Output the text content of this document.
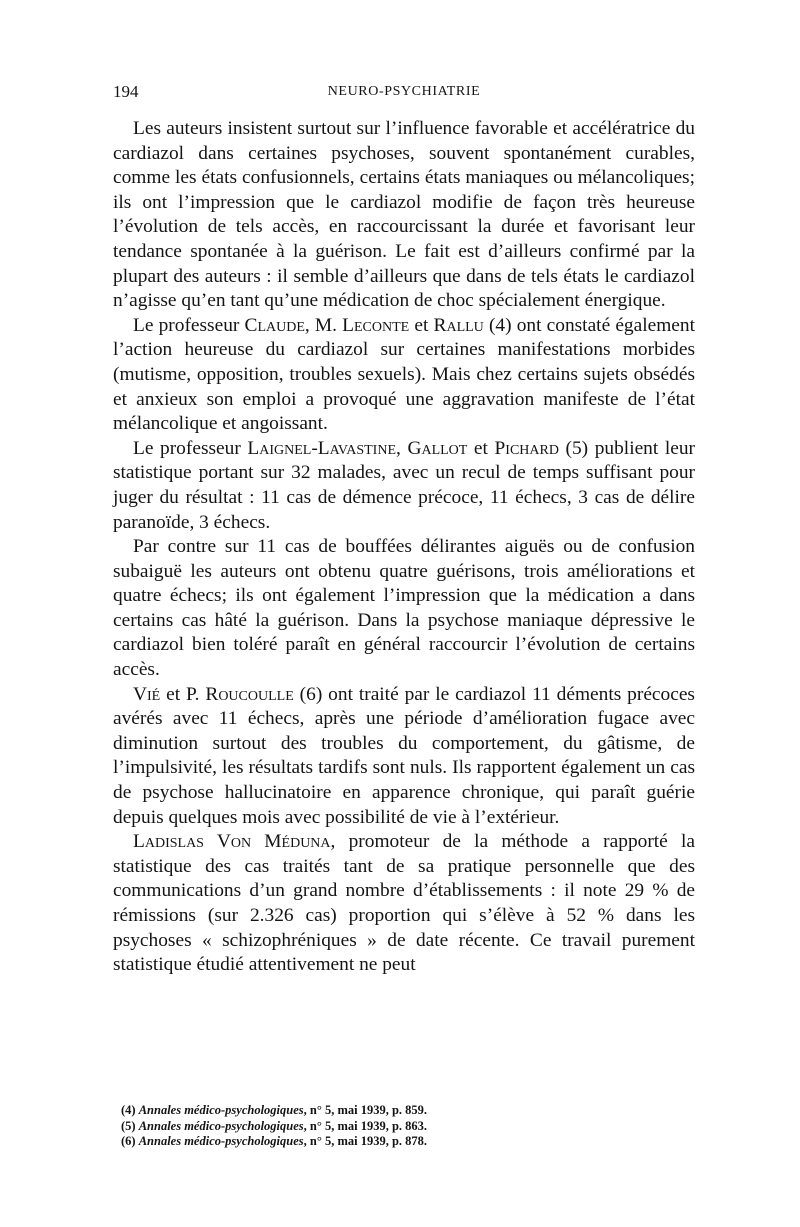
194	NEURO-PSYCHIATRIE

Les auteurs insistent surtout sur l’influence favorable et accélératrice du cardiazol dans certaines psychoses, souvent spontanément curables, comme les états confusionnels, certains états maniaques ou mélancoliques; ils ont l’impression que le cardiazol modifie de façon très heureuse l’évolution de tels accès, en raccourcissant la durée et favorisant leur tendance spontanée à la guérison. Le fait est d’ailleurs confirmé par la plupart des auteurs : il semble d’ailleurs que dans de tels états le cardiazol n’agisse qu’en tant qu’une médication de choc spécialement énergique.

Le professeur Claude, M. Leconte et Rallu (4) ont constaté également l’action heureuse du cardiazol sur certaines manifestations morbides (mutisme, opposition, troubles sexuels). Mais chez certains sujets obsédés et anxieux son emploi a provoqué une aggravation manifeste de l’état mélancolique et angoissant.

Le professeur Laignel-Lavastine, Gallot et Pichard (5) publient leur statistique portant sur 32 malades, avec un recul de temps suffisant pour juger du résultat : 11 cas de démence précoce, 11 échecs, 3 cas de délire paranoïde, 3 échecs.

Par contre sur 11 cas de bouffées délirantes aiguës ou de confusion subaiguë les auteurs ont obtenu quatre guérisons, trois améliorations et quatre échecs; ils ont également l’impression que la médication a dans certains cas hâté la guérison. Dans la psychose maniaque dépressive le cardiazol bien toléré paraît en général raccourcir l’évolution de certains accès.

Vié et P. Roucoulle (6) ont traité par le cardiazol 11 déments précoces avérés avec 11 échecs, après une période d’amélioration fugace avec diminution surtout des troubles du comportement, du gâtisme, de l’impulsivité, les résultats tardifs sont nuls. Ils rapportent également un cas de psychose hallucinatoire en apparence chronique, qui paraît guérie depuis quelques mois avec possibilité de vie à l’extérieur.

Ladislas Von Méduna, promoteur de la méthode a rapporté la statistique des cas traités tant de sa pratique personnelle que des communications d’un grand nombre d’établissements : il note 29 % de rémissions (sur 2.326 cas) proportion qui s’élève à 52 % dans les psychoses « schizophréniques » de date récente. Ce travail purement statistique étudié attentivement ne peut

(4) Annales médico-psychologiques, n° 5, mai 1939, p. 859.

(5) Annales médico-psychologiques, n° 5, mai 1939, p. 863.

(6) Annales médico-psychologiques, n° 5, mai 1939, p. 878.
